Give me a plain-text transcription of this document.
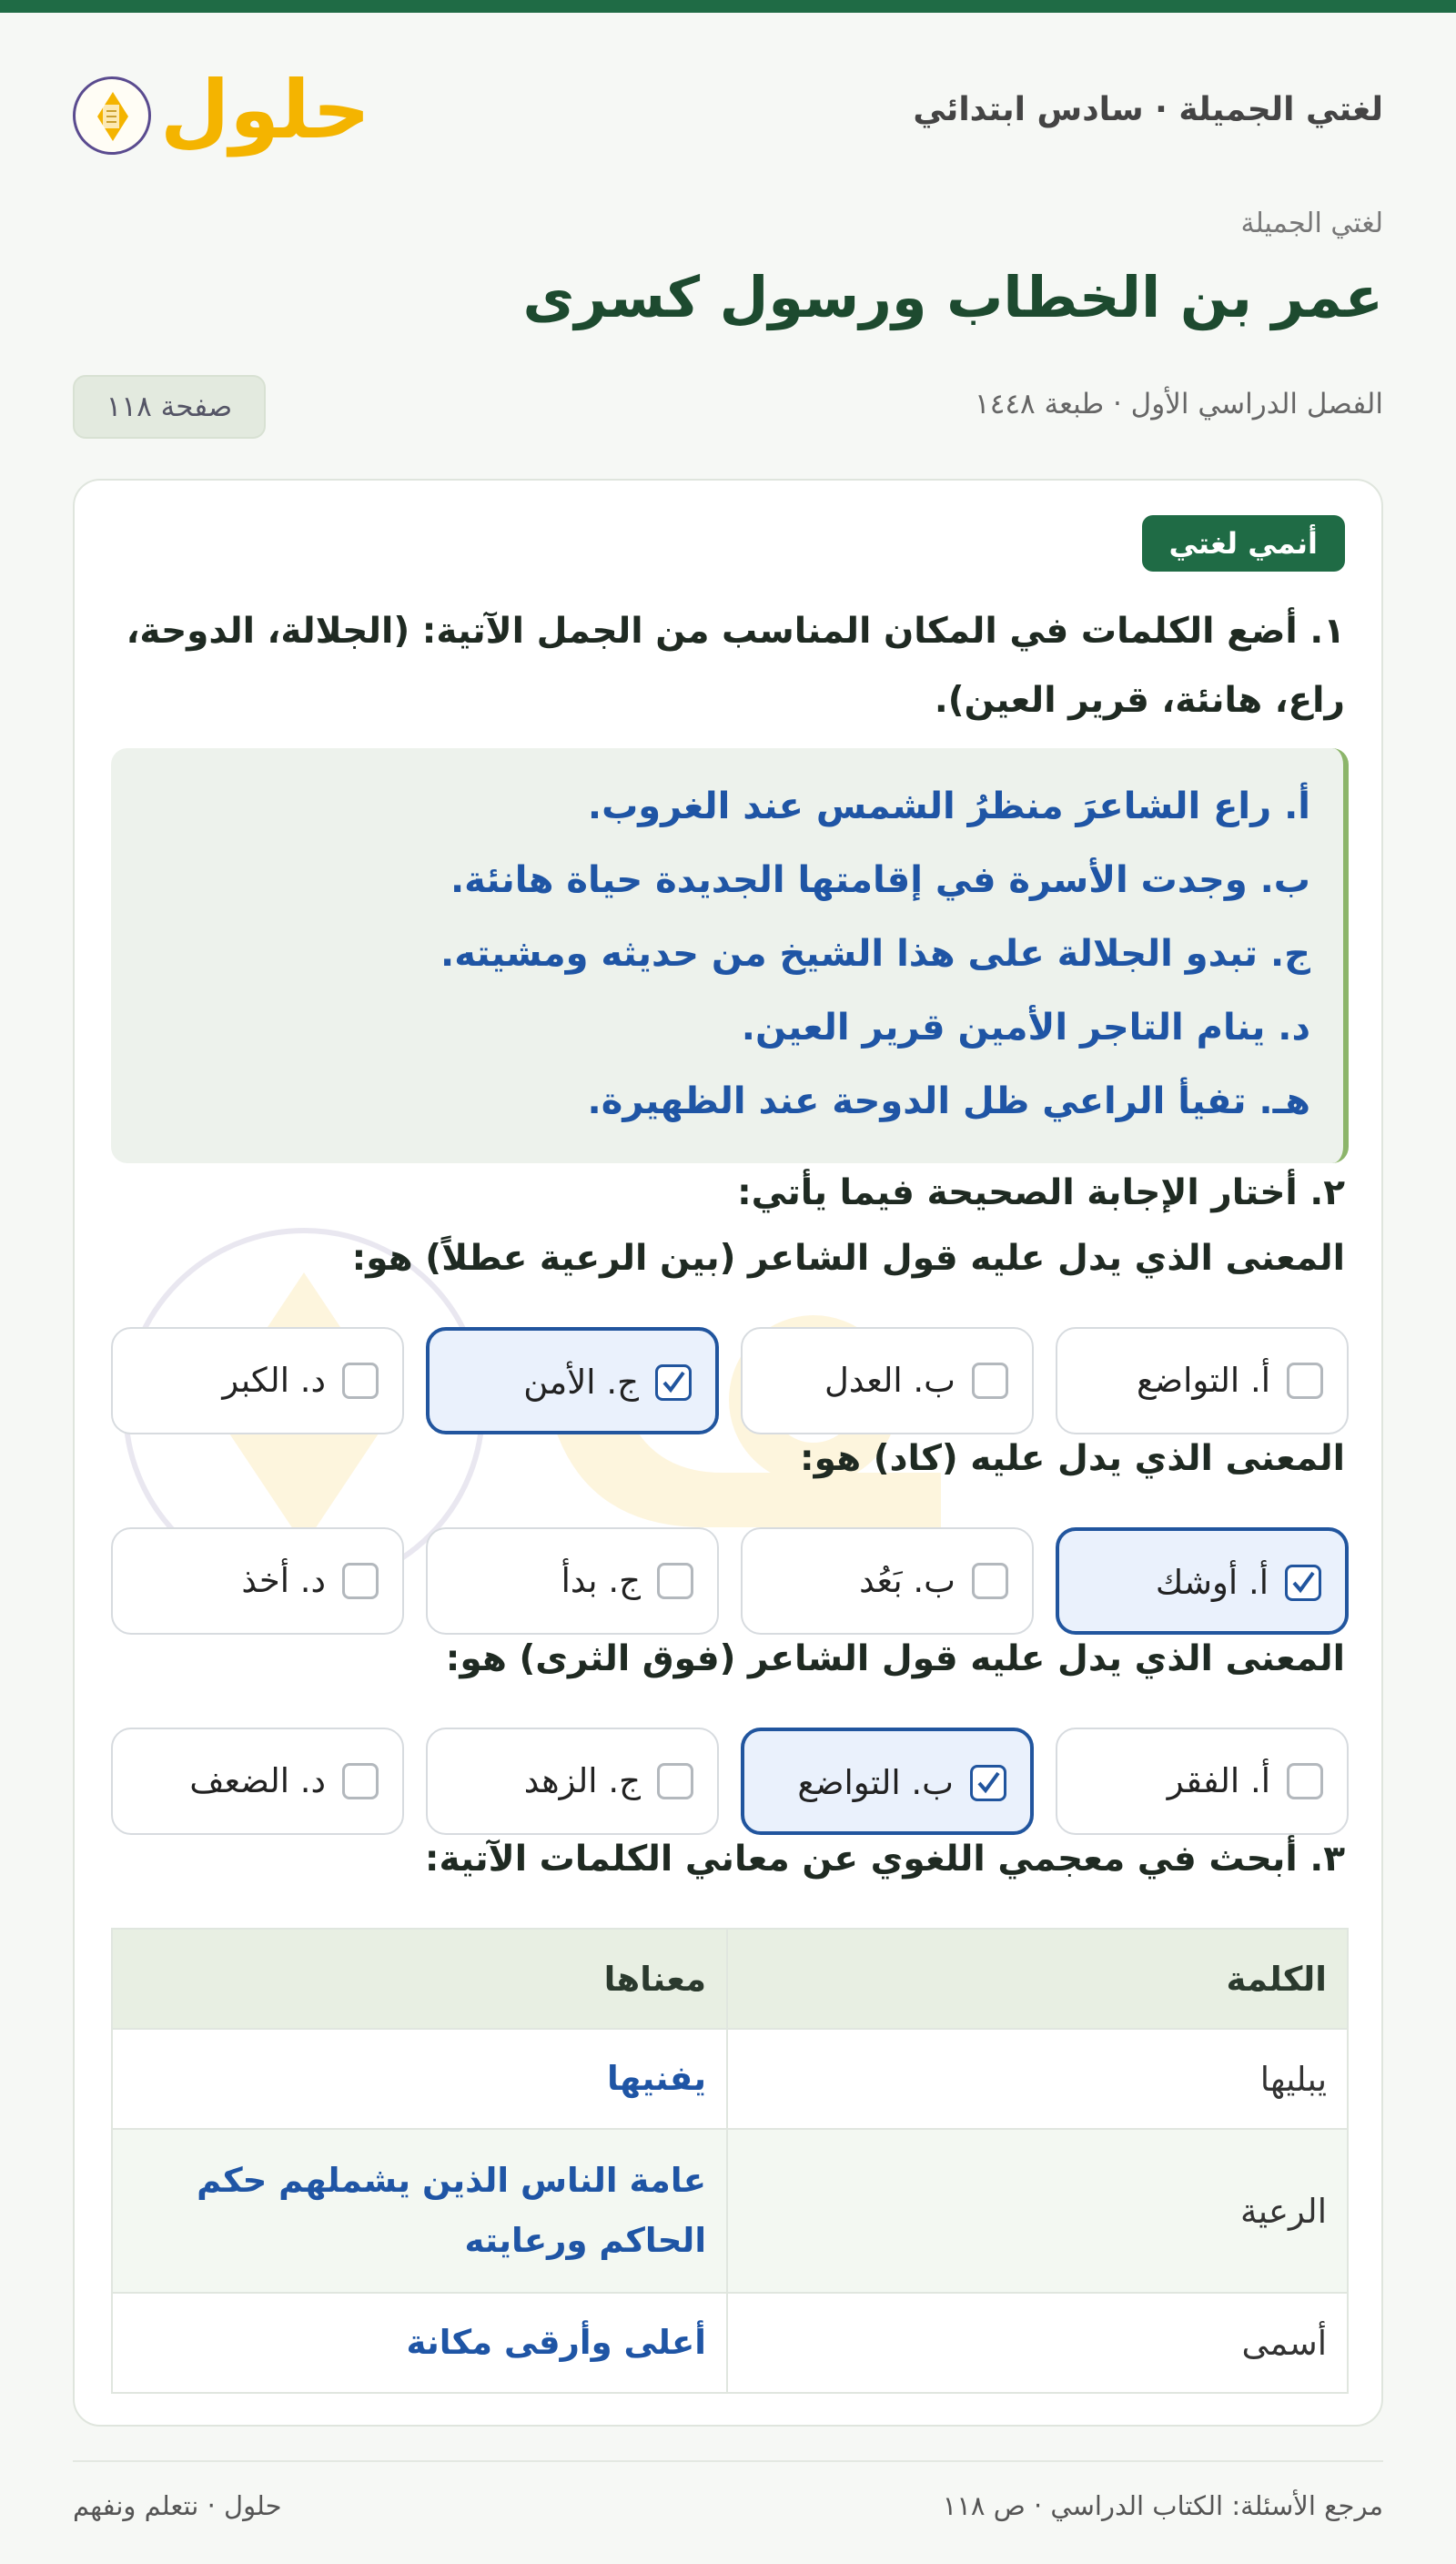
حلول	لغتي الجميلة · سادس ابتدائي
لغتي الجميلة
عمر بن الخطاب ورسول كسرى
الفصل الدراسي الأول · طبعة ١٤٤٨
صفحة ١١٨
أنمي لغتي
١. أضع الكلمات في المكان المناسب من الجمل الآتية: (الجلالة، الدوحة، راع، هانئة، قرير العين).
أ. راع الشاعرَ منظرُ الشمس عند الغروب.
ب. وجدت الأسرة في إقامتها الجديدة حياة هانئة.
ج. تبدو الجلالة على هذا الشيخ من حديثه ومشيته.
د. ينام التاجر الأمين قرير العين.
هـ. تفيأ الراعي ظل الدوحة عند الظهيرة.
٢. أختار الإجابة الصحيحة فيما يأتي:
المعنى الذي يدل عليه قول الشاعر (بين الرعية عطلاً) هو:
أ. التواضع
ب. العدل
ج. الأمن
د. الكبر
المعنى الذي يدل عليه (كاد) هو:
أ. أوشك
ب. بَعُد
ج. بدأ
د. أخذ
المعنى الذي يدل عليه قول الشاعر (فوق الثرى) هو:
أ. الفقر
ب. التواضع
ج. الزهد
د. الضعف
٣. أبحث في معجمي اللغوي عن معاني الكلمات الآتية:
الكلمة	معناها
يبليها	يفنيها
الرعية	عامة الناس الذين يشملهم حكم الحاكم ورعايته
أسمى	أعلى وأرقى مكانة
مرجع الأسئلة: الكتاب الدراسي · ص ١١٨
حلول · نتعلم ونفهم
